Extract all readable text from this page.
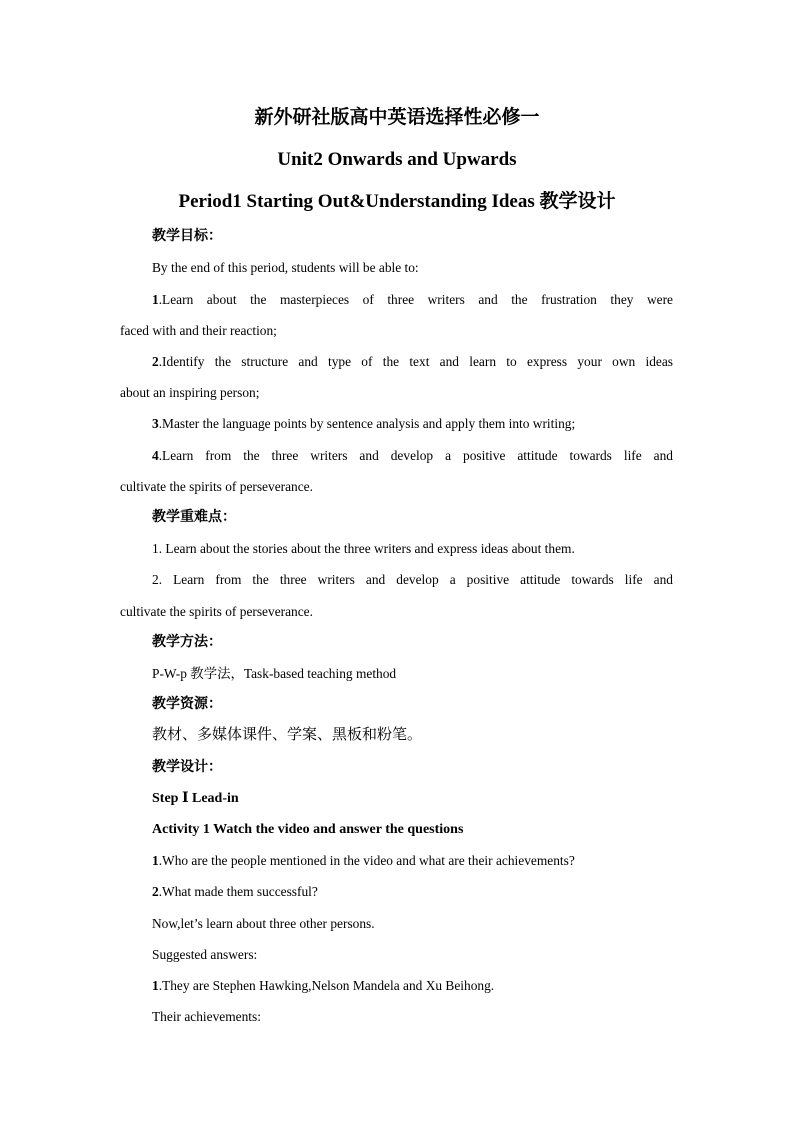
新外研社版高中英语选择性必修一
Unit2 Onwards and Upwards
Period1 Starting Out&Understanding Ideas 教学设计
教学目标：
By the end of this period, students will be able to:
1.Learn about the masterpieces of three writers and the frustration they were
faced with and their reaction;
2.Identify the structure and type of the text and learn to express your own ideas
about an inspiring person;
3.Master the language points by sentence analysis and apply them into writing;
4.Learn from the three writers and develop a positive attitude towards life and
cultivate the spirits of perseverance.
教学重难点：
1. Learn about the stories about the three writers and express ideas about them.
2. Learn from the three writers and develop a positive attitude towards life and
cultivate the spirits of perseverance.
教学方法：
P-W-p 教学法，Task-based teaching method
教学资源：
教材、多媒体课件、学案、黑板和粉笔。
教学设计：
Step Ⅰ Lead-in
Activity 1 Watch the video and answer the questions
1.Who are the people mentioned in the video and what are their achievements?
2.What made them successful?
Now,let’s learn about three other persons.
Suggested answers:
1.They are Stephen Hawking,Nelson Mandela and Xu Beihong.
Their achievements:
